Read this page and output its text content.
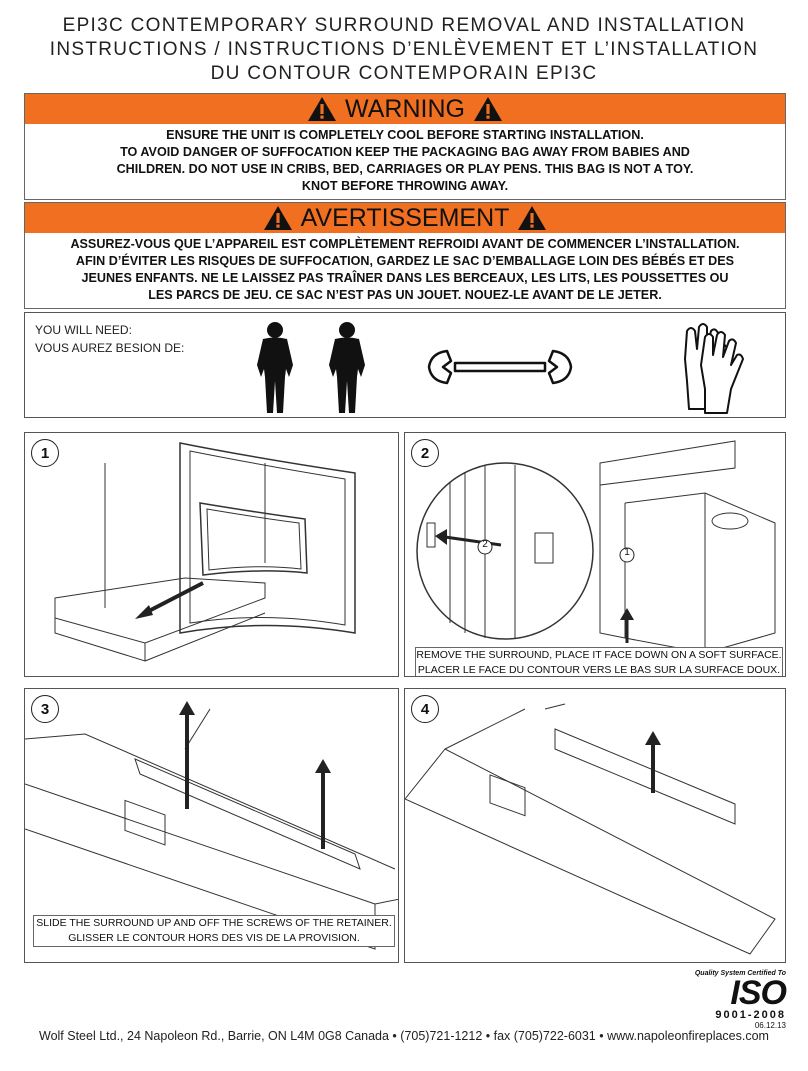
EPI3C CONTEMPORARY SURROUND REMOVAL AND INSTALLATION
INSTRUCTIONS / INSTRUCTIONS D’ENLÈVEMENT ET L’INSTALLATION
DU CONTOUR CONTEMPORAIN EPI3C
WARNING
ENSURE THE UNIT IS COMPLETELY COOL BEFORE STARTING INSTALLATION.
TO AVOID DANGER OF SUFFOCATION KEEP THE PACKAGING BAG AWAY FROM BABIES AND
CHILDREN. DO NOT USE IN CRIBS, BED, CARRIAGES OR PLAY PENS. THIS BAG IS NOT A TOY.
KNOT BEFORE THROWING AWAY.
AVERTISSEMENT
ASSUREZ-VOUS QUE L’APPAREIL EST COMPLÈTEMENT REFROIDI AVANT DE COMMENCER L’INSTALLATION.
AFIN D’ÉVITER LES RISQUES DE SUFFOCATION, GARDEZ LE SAC D’EMBALLAGE LOIN DES BÉBÉS ET DES
JEUNES ENFANTS. NE LE LAISSEZ PAS TRAÎNER DANS LES BERCEAUX, LES LITS, LES POUSSETTES OU
LES PARCS DE JEU. CE SAC N’EST PAS UN JOUET. NOUEZ-LE AVANT DE LE JETER.
YOU WILL NEED:
VOUS AUREZ BESION DE:
1	2
2
1
REMOVE THE SURROUND, PLACE IT FACE DOWN ON A SOFT SURFACE.
PLACER LE FACE DU CONTOUR VERS LE BAS SUR LA SURFACE DOUX.
3
SLIDE THE SURROUND UP AND OFF THE SCREWS OF THE RETAINER.
GLISSER LE CONTOUR HORS DES VIS DE LA PROVISION.
4
Quality System Certified To
ISO
9001-2008
06.12.13
Wolf Steel Ltd., 24 Napoleon Rd., Barrie, ON L4M 0G8 Canada • (705)721-1212 • fax (705)722-6031 • www.napoleonfireplaces.com
